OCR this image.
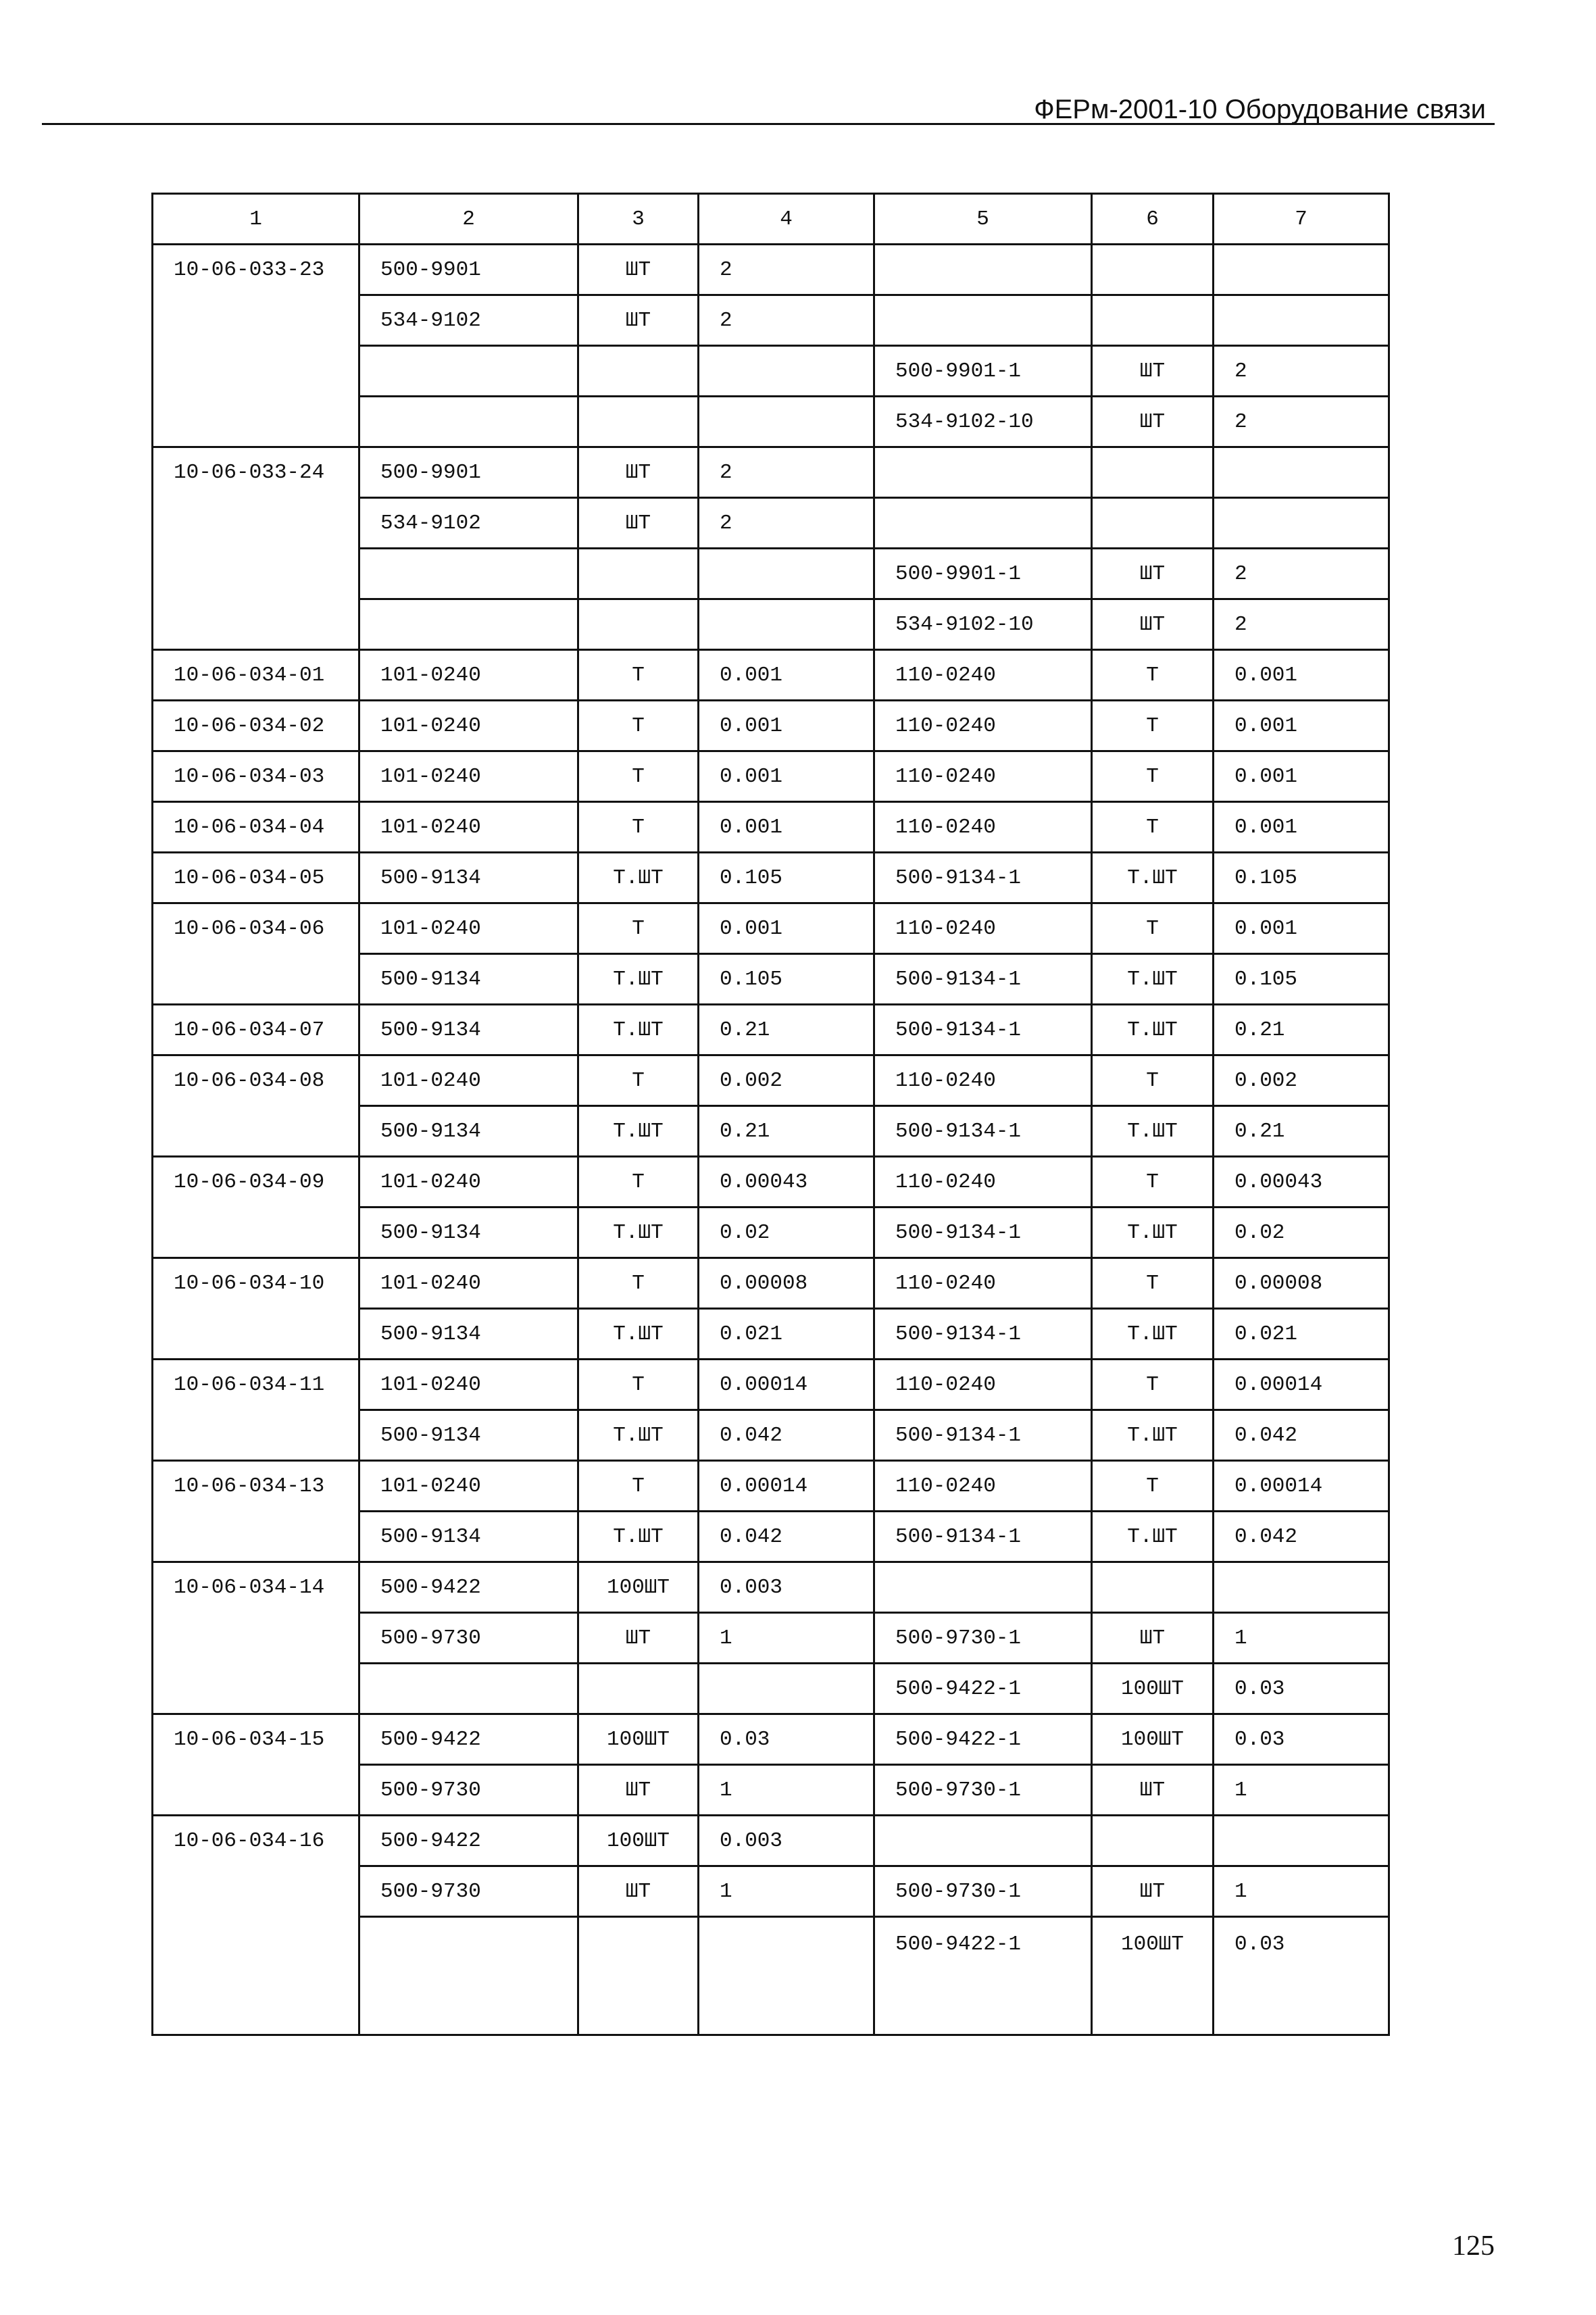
ФЕРм-2001-10 Оборудование связи
1	2	3	4	5	6	7
10-06-033-23	500-9901	ШТ	2			
	534-9102	ШТ	2			
				500-9901-1	ШТ	2
				534-9102-10	ШТ	2
10-06-033-24	500-9901	ШТ	2			
	534-9102	ШТ	2			
				500-9901-1	ШТ	2
				534-9102-10	ШТ	2
10-06-034-01	101-0240	Т	0.001	110-0240	Т	0.001
10-06-034-02	101-0240	Т	0.001	110-0240	Т	0.001
10-06-034-03	101-0240	Т	0.001	110-0240	Т	0.001
10-06-034-04	101-0240	Т	0.001	110-0240	Т	0.001
10-06-034-05	500-9134	Т.ШТ	0.105	500-9134-1	Т.ШТ	0.105
10-06-034-06	101-0240	Т	0.001	110-0240	Т	0.001
	500-9134	Т.ШТ	0.105	500-9134-1	Т.ШТ	0.105
10-06-034-07	500-9134	Т.ШТ	0.21	500-9134-1	Т.ШТ	0.21
10-06-034-08	101-0240	Т	0.002	110-0240	Т	0.002
	500-9134	Т.ШТ	0.21	500-9134-1	Т.ШТ	0.21
10-06-034-09	101-0240	Т	0.00043	110-0240	Т	0.00043
	500-9134	Т.ШТ	0.02	500-9134-1	Т.ШТ	0.02
10-06-034-10	101-0240	Т	0.00008	110-0240	Т	0.00008
	500-9134	Т.ШТ	0.021	500-9134-1	Т.ШТ	0.021
10-06-034-11	101-0240	Т	0.00014	110-0240	Т	0.00014
	500-9134	Т.ШТ	0.042	500-9134-1	Т.ШТ	0.042
10-06-034-13	101-0240	Т	0.00014	110-0240	Т	0.00014
	500-9134	Т.ШТ	0.042	500-9134-1	Т.ШТ	0.042
10-06-034-14	500-9422	100ШТ	0.003			
	500-9730	ШТ	1	500-9730-1	ШТ	1
				500-9422-1	100ШТ	0.03
10-06-034-15	500-9422	100ШТ	0.03	500-9422-1	100ШТ	0.03
	500-9730	ШТ	1	500-9730-1	ШТ	1
10-06-034-16	500-9422	100ШТ	0.003			
	500-9730	ШТ	1	500-9730-1	ШТ	1
				500-9422-1	100ШТ	0.03
125
